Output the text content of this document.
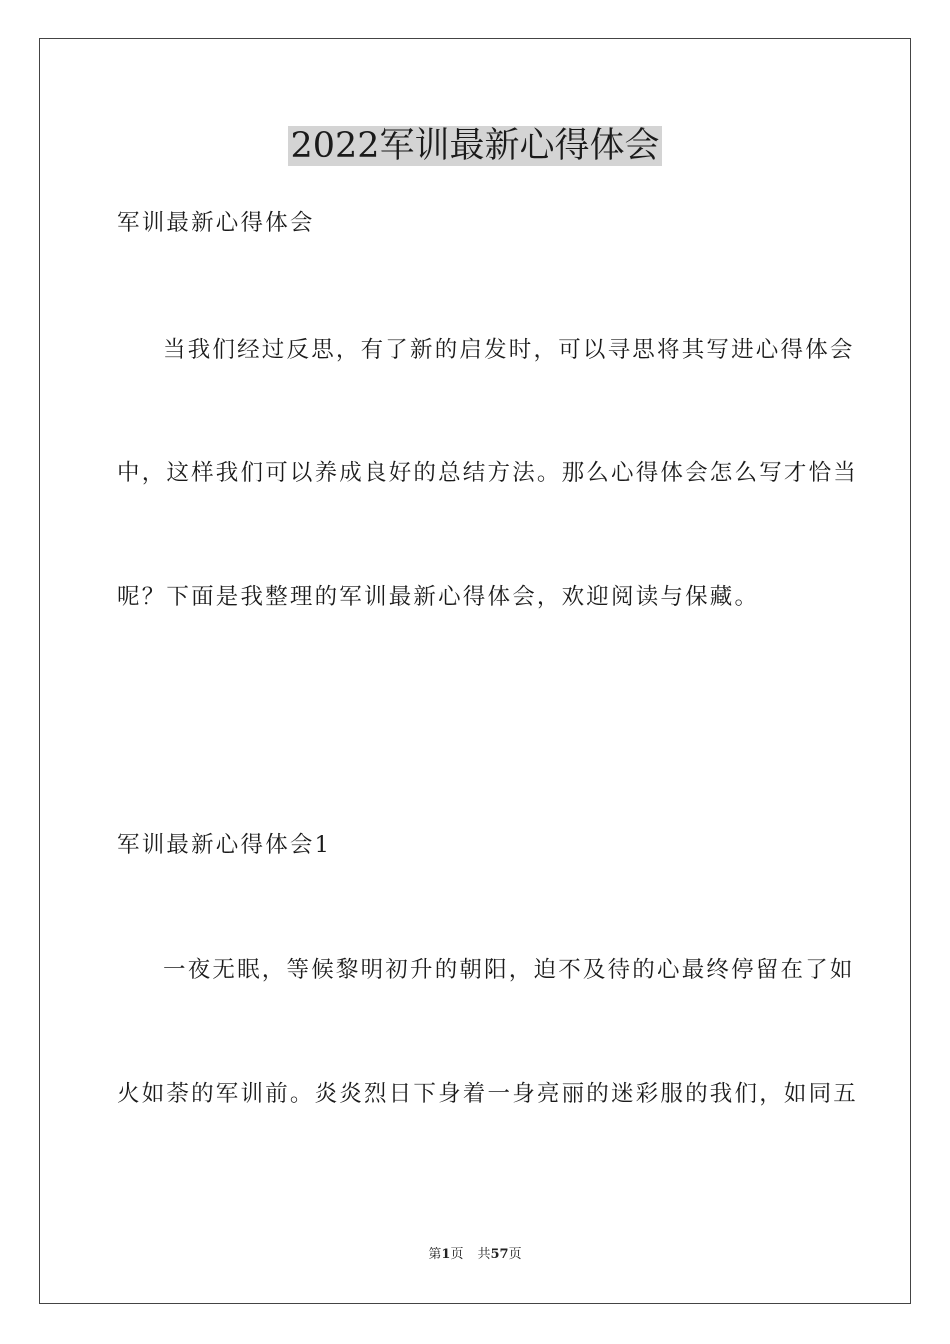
2022军训最新心得体会

军训最新心得体会

当我们经过反思，有了新的启发时，可以寻思将其写进心得体会

中，这样我们可以养成良好的总结方法。那么心得体会怎么写才恰当

呢？下面是我整理的军训最新心得体会，欢迎阅读与保藏。

军训最新心得体会1

一夜无眠，等候黎明初升的朝阳，迫不及待的心最终停留在了如

火如荼的军训前。炎炎烈日下身着一身亮丽的迷彩服的我们，如同五

第1页 共57页
